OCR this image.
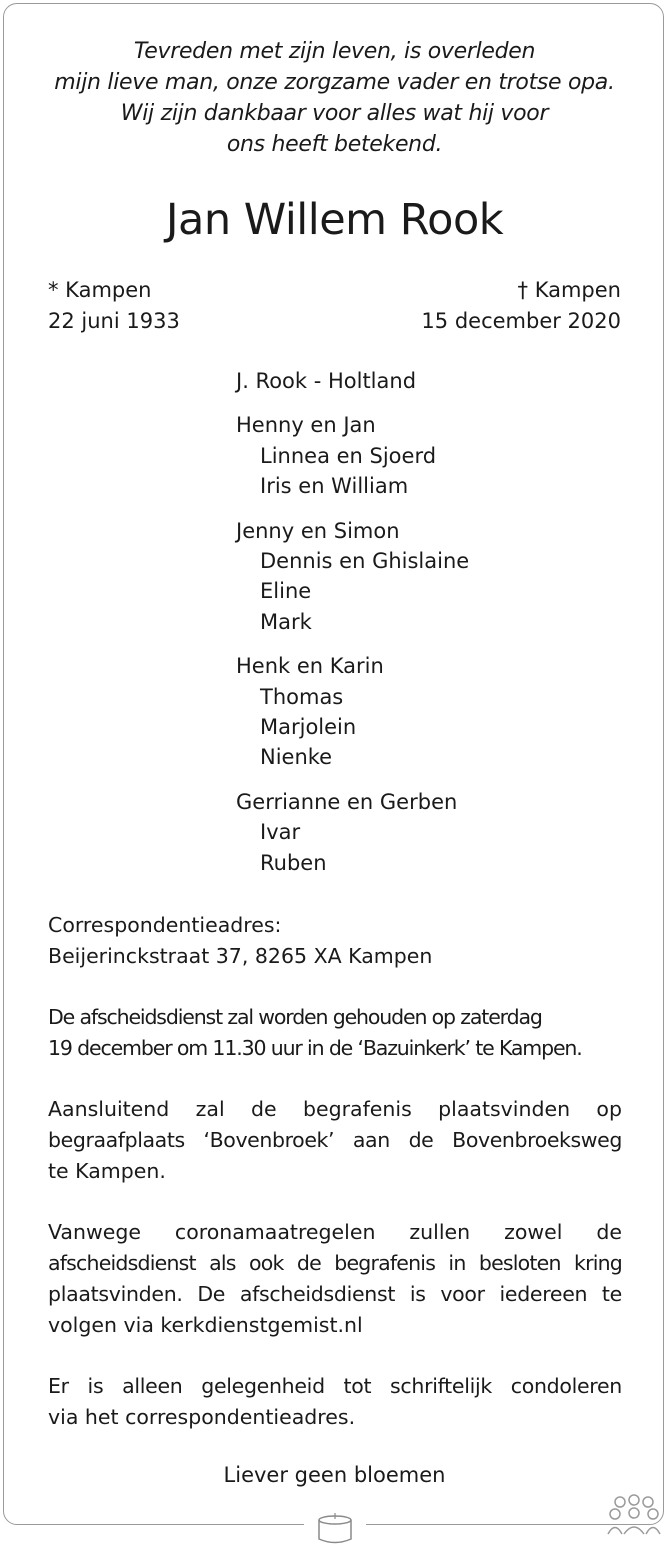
Tevreden met zijn leven, is overleden
mijn lieve man, onze zorgzame vader en trotse opa.
Wij zijn dankbaar voor alles wat hij voor
ons heeft betekend.
Jan Willem Rook
* Kampen
22 juni 1933
† Kampen
15 december 2020
J. Rook - Holtland
Henny en Jan
Linnea en Sjoerd
Iris en William
Jenny en Simon
Dennis en Ghislaine
Eline
Mark
Henk en Karin
Thomas
Marjolein
Nienke
Gerrianne en Gerben
Ivar
Ruben
Correspondentieadres:
Beijerinckstraat 37, 8265 XA Kampen
De afscheidsdienst zal worden gehouden op zaterdag
19 december om 11.30 uur in de ‘Bazuinkerk’ te Kampen.
Aansluitend zal de begrafenis plaatsvinden op
begraafplaats ‘Bovenbroek’ aan de Bovenbroeksweg
te Kampen.
Vanwege coronamaatregelen zullen zowel de
afscheidsdienst als ook de begrafenis in besloten kring
plaatsvinden. De afscheidsdienst is voor iedereen te
volgen via kerkdienstgemist.nl
Er is alleen gelegenheid tot schriftelijk condoleren
via het correspondentieadres.
Liever geen bloemen
